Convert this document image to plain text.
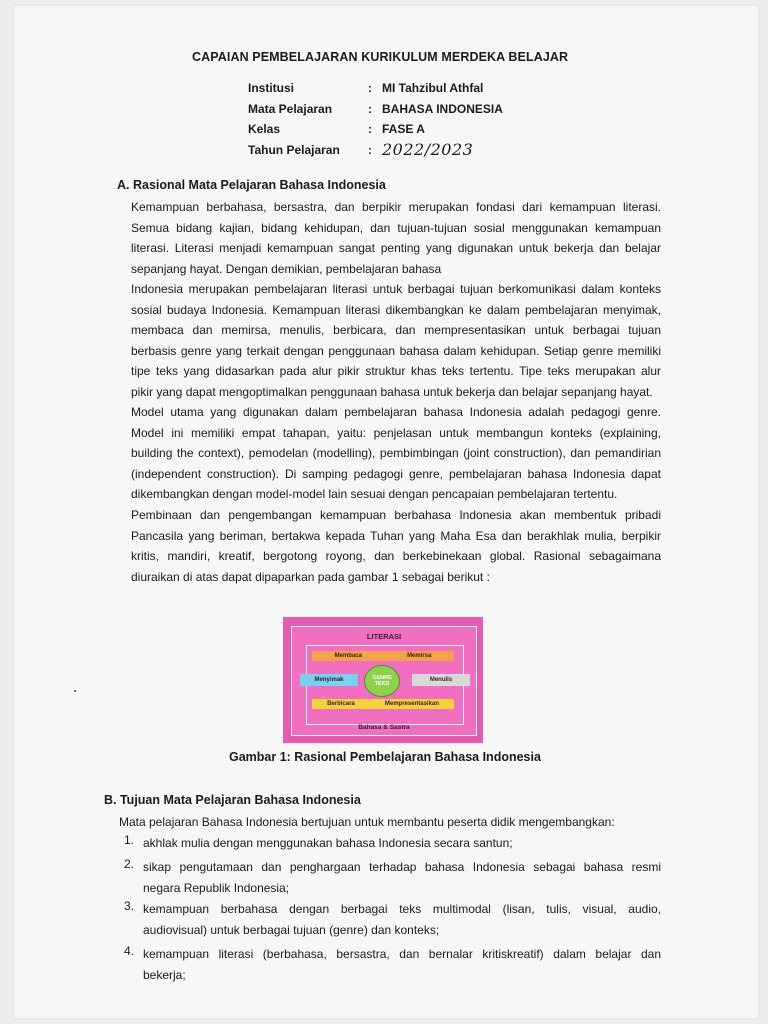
CAPAIAN PEMBELAJARAN KURIKULUM MERDEKA BELAJAR
Institusi	: MI Tahzibul Athfal
Mata Pelajaran	: BAHASA INDONESIA
Kelas	: FASE A
Tahun Pelajaran	: 2022/2023
A. Rasional Mata Pelajaran Bahasa Indonesia
Kemampuan berbahasa, bersastra, dan berpikir merupakan fondasi dari kemampuan literasi.
Semua bidang kajian, bidang kehidupan, dan tujuan-tujuan sosial menggunakan kemampuan
literasi. Literasi menjadi kemampuan sangat penting yang digunakan untuk bekerja dan belajar
sepanjang hayat. Dengan demikian, pembelajaran bahasa
Indonesia merupakan pembelajaran literasi untuk berbagai tujuan berkomunikasi dalam konteks
sosial budaya Indonesia. Kemampuan literasi dikembangkan ke dalam pembelajaran menyimak,
membaca dan memirsa, menulis, berbicara, dan mempresentasikan untuk berbagai tujuan
berbasis genre yang terkait dengan penggunaan bahasa dalam kehidupan. Setiap genre memiliki
tipe teks yang didasarkan pada alur pikir struktur khas teks tertentu. Tipe teks merupakan alur
pikir yang dapat mengoptimalkan penggunaan bahasa untuk bekerja dan belajar sepanjang hayat.
Model utama yang digunakan dalam pembelajaran bahasa Indonesia adalah pedagogi genre.
Model ini memiliki empat tahapan, yaitu: penjelasan untuk membangun konteks (explaining,
building the context), pemodelan (modelling), pembimbingan (joint construction), dan pemandirian
(independent construction). Di samping pedagogi genre, pembelajaran bahasa Indonesia dapat
dikembangkan dengan model-model lain sesuai dengan pencapaian pembelajaran tertentu.
Pembinaan dan pengembangan kemampuan berbahasa Indonesia akan membentuk pribadi
Pancasila yang beriman, bertakwa kepada Tuhan yang Maha Esa dan berakhlak mulia, berpikir
kritis, mandiri, kreatif, bergotong royong, dan berkebinekaan global. Rasional sebagaimana
diuraikan di atas dapat dipaparkan pada gambar 1 sebagai berikut :
LITERASI
Membaca	Memirsa
Menyimak	Menulis
GENRE
TEKS
Berbicara	Mempresentasikan
Bahasa & Sastra
Gambar 1: Rasional Pembelajaran Bahasa Indonesia
B. Tujuan Mata Pelajaran Bahasa Indonesia
Mata pelajaran Bahasa Indonesia bertujuan untuk membantu peserta didik mengembangkan:
1. akhlak mulia dengan menggunakan bahasa Indonesia secara santun;
2. sikap pengutamaan dan penghargaan terhadap bahasa Indonesia sebagai bahasa resmi
negara Republik Indonesia;
3. kemampuan berbahasa dengan berbagai teks multimodal (lisan, tulis, visual, audio,
audiovisual) untuk berbagai tujuan (genre) dan konteks;
4. kemampuan literasi (berbahasa, bersastra, dan bernalar kritiskreatif) dalam belajar dan
bekerja;
